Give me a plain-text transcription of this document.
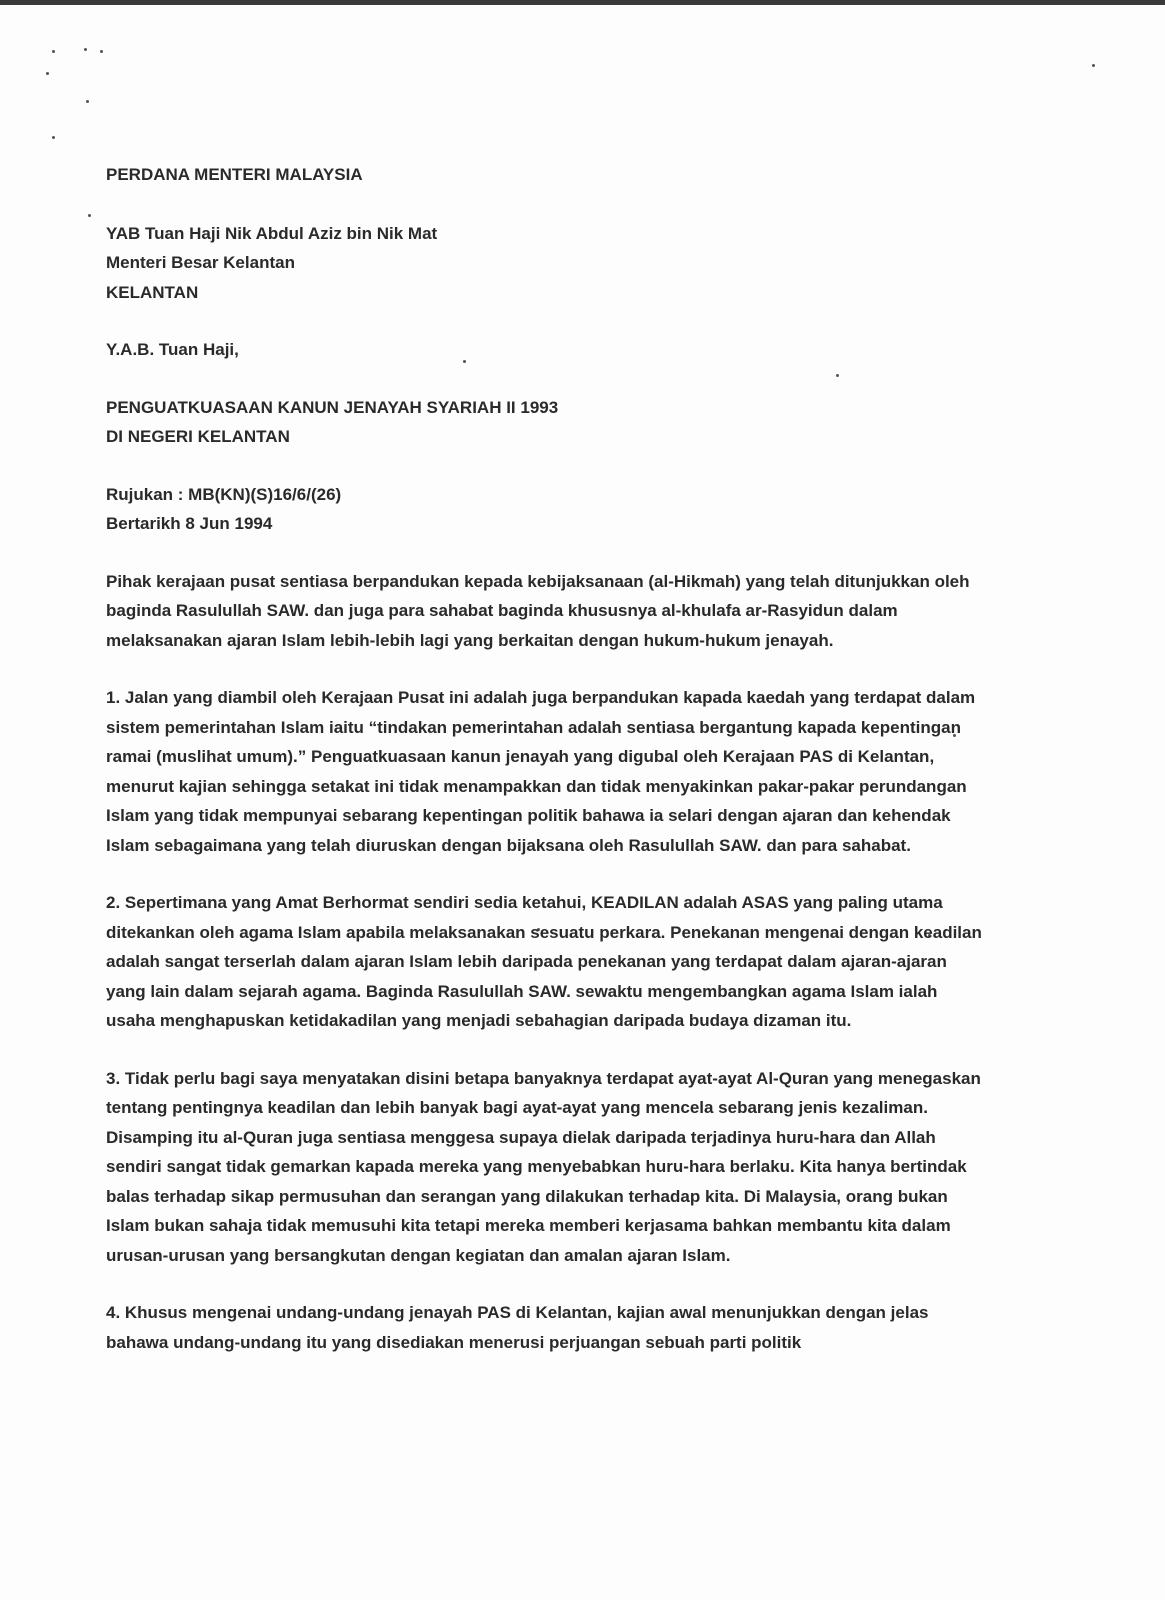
PERDANA MENTERI MALAYSIA

YAB Tuan Haji Nik Abdul Aziz bin Nik Mat

Menteri Besar Kelantan

KELANTAN

Y.A.B. Tuan Haji,

PENGUATKUASAAN KANUN JENAYAH SYARIAH II 1993

DI NEGERI KELANTAN

Rujukan : MB(KN)(S)16/6/(26)

Bertarikh 8 Jun 1994

Pihak kerajaan pusat sentiasa berpandukan kepada kebijaksanaan (al-Hikmah) yang telah ditunjukkan oleh baginda Rasulullah SAW. dan juga para sahabat baginda khususnya al-khulafa ar-Rasyidun dalam melaksanakan ajaran Islam lebih-lebih lagi yang berkaitan dengan hukum-hukum jenayah.

1. Jalan yang diambil oleh Kerajaan Pusat ini adalah juga berpandukan kapada kaedah yang terdapat dalam sistem pemerintahan Islam iaitu “tindakan pemerintahan adalah sentiasa bergantung kapada kepentingan ramai (muslihat umum).” Penguatkuasaan kanun jenayah yang digubal oleh Kerajaan PAS di Kelantan, menurut kajian sehingga setakat ini tidak menampakkan dan tidak menyakinkan pakar-pakar perundangan Islam yang tidak mempunyai sebarang kepentingan politik bahawa ia selari dengan ajaran dan kehendak Islam sebagaimana yang telah diuruskan dengan bijaksana oleh Rasulullah SAW. dan para sahabat.

2. Sepertimana yang Amat Berhormat sendiri sedia ketahui, KEADILAN adalah ASAS yang paling utama ditekankan oleh agama Islam apabila melaksanakan sesuatu perkara. Penekanan mengenai dengan keadilan adalah sangat terserlah dalam ajaran Islam lebih daripada penekanan yang terdapat dalam ajaran-ajaran yang lain dalam sejarah agama. Baginda Rasulullah SAW. sewaktu mengembangkan agama Islam ialah usaha menghapuskan ketidakadilan yang menjadi sebahagian daripada budaya dizaman itu.

3. Tidak perlu bagi saya menyatakan disini betapa banyaknya terdapat ayat-ayat Al-Quran yang menegaskan tentang pentingnya keadilan dan lebih banyak bagi ayat-ayat yang mencela sebarang jenis kezaliman. Disamping itu al-Quran juga sentiasa menggesa supaya dielak daripada terjadinya huru-hara dan Allah sendiri sangat tidak gemarkan kapada mereka yang menyebabkan huru-hara berlaku. Kita hanya bertindak balas terhadap sikap permusuhan dan serangan yang dilakukan terhadap kita. Di Malaysia, orang bukan Islam bukan sahaja tidak memusuhi kita tetapi mereka memberi kerjasama bahkan membantu kita dalam urusan-urusan yang bersangkutan dengan kegiatan dan amalan ajaran Islam.

4. Khusus mengenai undang-undang jenayah PAS di Kelantan, kajian awal menunjukkan dengan jelas bahawa undang-undang itu yang disediakan menerusi perjuangan sebuah parti politik
